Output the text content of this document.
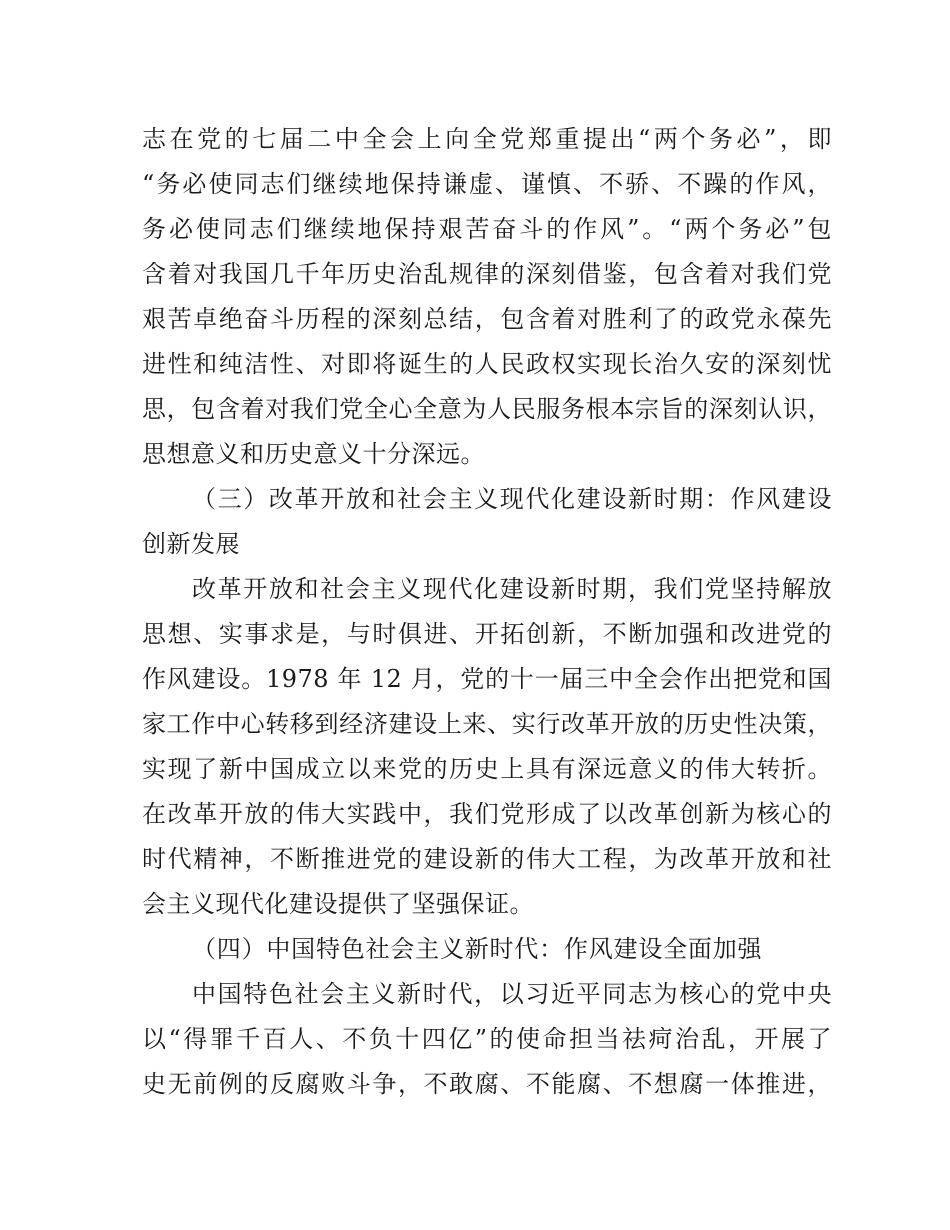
志在党的七届二中全会上向全党郑重提出“两个务必”，即

“务必使同志们继续地保持谦虚、谨慎、不骄、不躁的作风，

务必使同志们继续地保持艰苦奋斗的作风”。“两个务必”包

含着对我国几千年历史治乱规律的深刻借鉴，包含着对我们党

艰苦卓绝奋斗历程的深刻总结，包含着对胜利了的政党永葆先

进性和纯洁性、对即将诞生的人民政权实现长治久安的深刻忧

思，包含着对我们党全心全意为人民服务根本宗旨的深刻认识，

思想意义和历史意义十分深远。

（三）改革开放和社会主义现代化建设新时期：作风建设

创新发展

改革开放和社会主义现代化建设新时期，我们党坚持解放

思想、实事求是，与时俱进、开拓创新，不断加强和改进党的

作风建设。1978 年 12 月，党的十一届三中全会作出把党和国

家工作中心转移到经济建设上来、实行改革开放的历史性决策，

实现了新中国成立以来党的历史上具有深远意义的伟大转折。

在改革开放的伟大实践中，我们党形成了以改革创新为核心的

时代精神，不断推进党的建设新的伟大工程，为改革开放和社

会主义现代化建设提供了坚强保证。

（四）中国特色社会主义新时代：作风建设全面加强

中国特色社会主义新时代，以习近平同志为核心的党中央

以“得罪千百人、不负十四亿”的使命担当祛疴治乱，开展了

史无前例的反腐败斗争，不敢腐、不能腐、不想腐一体推进，
